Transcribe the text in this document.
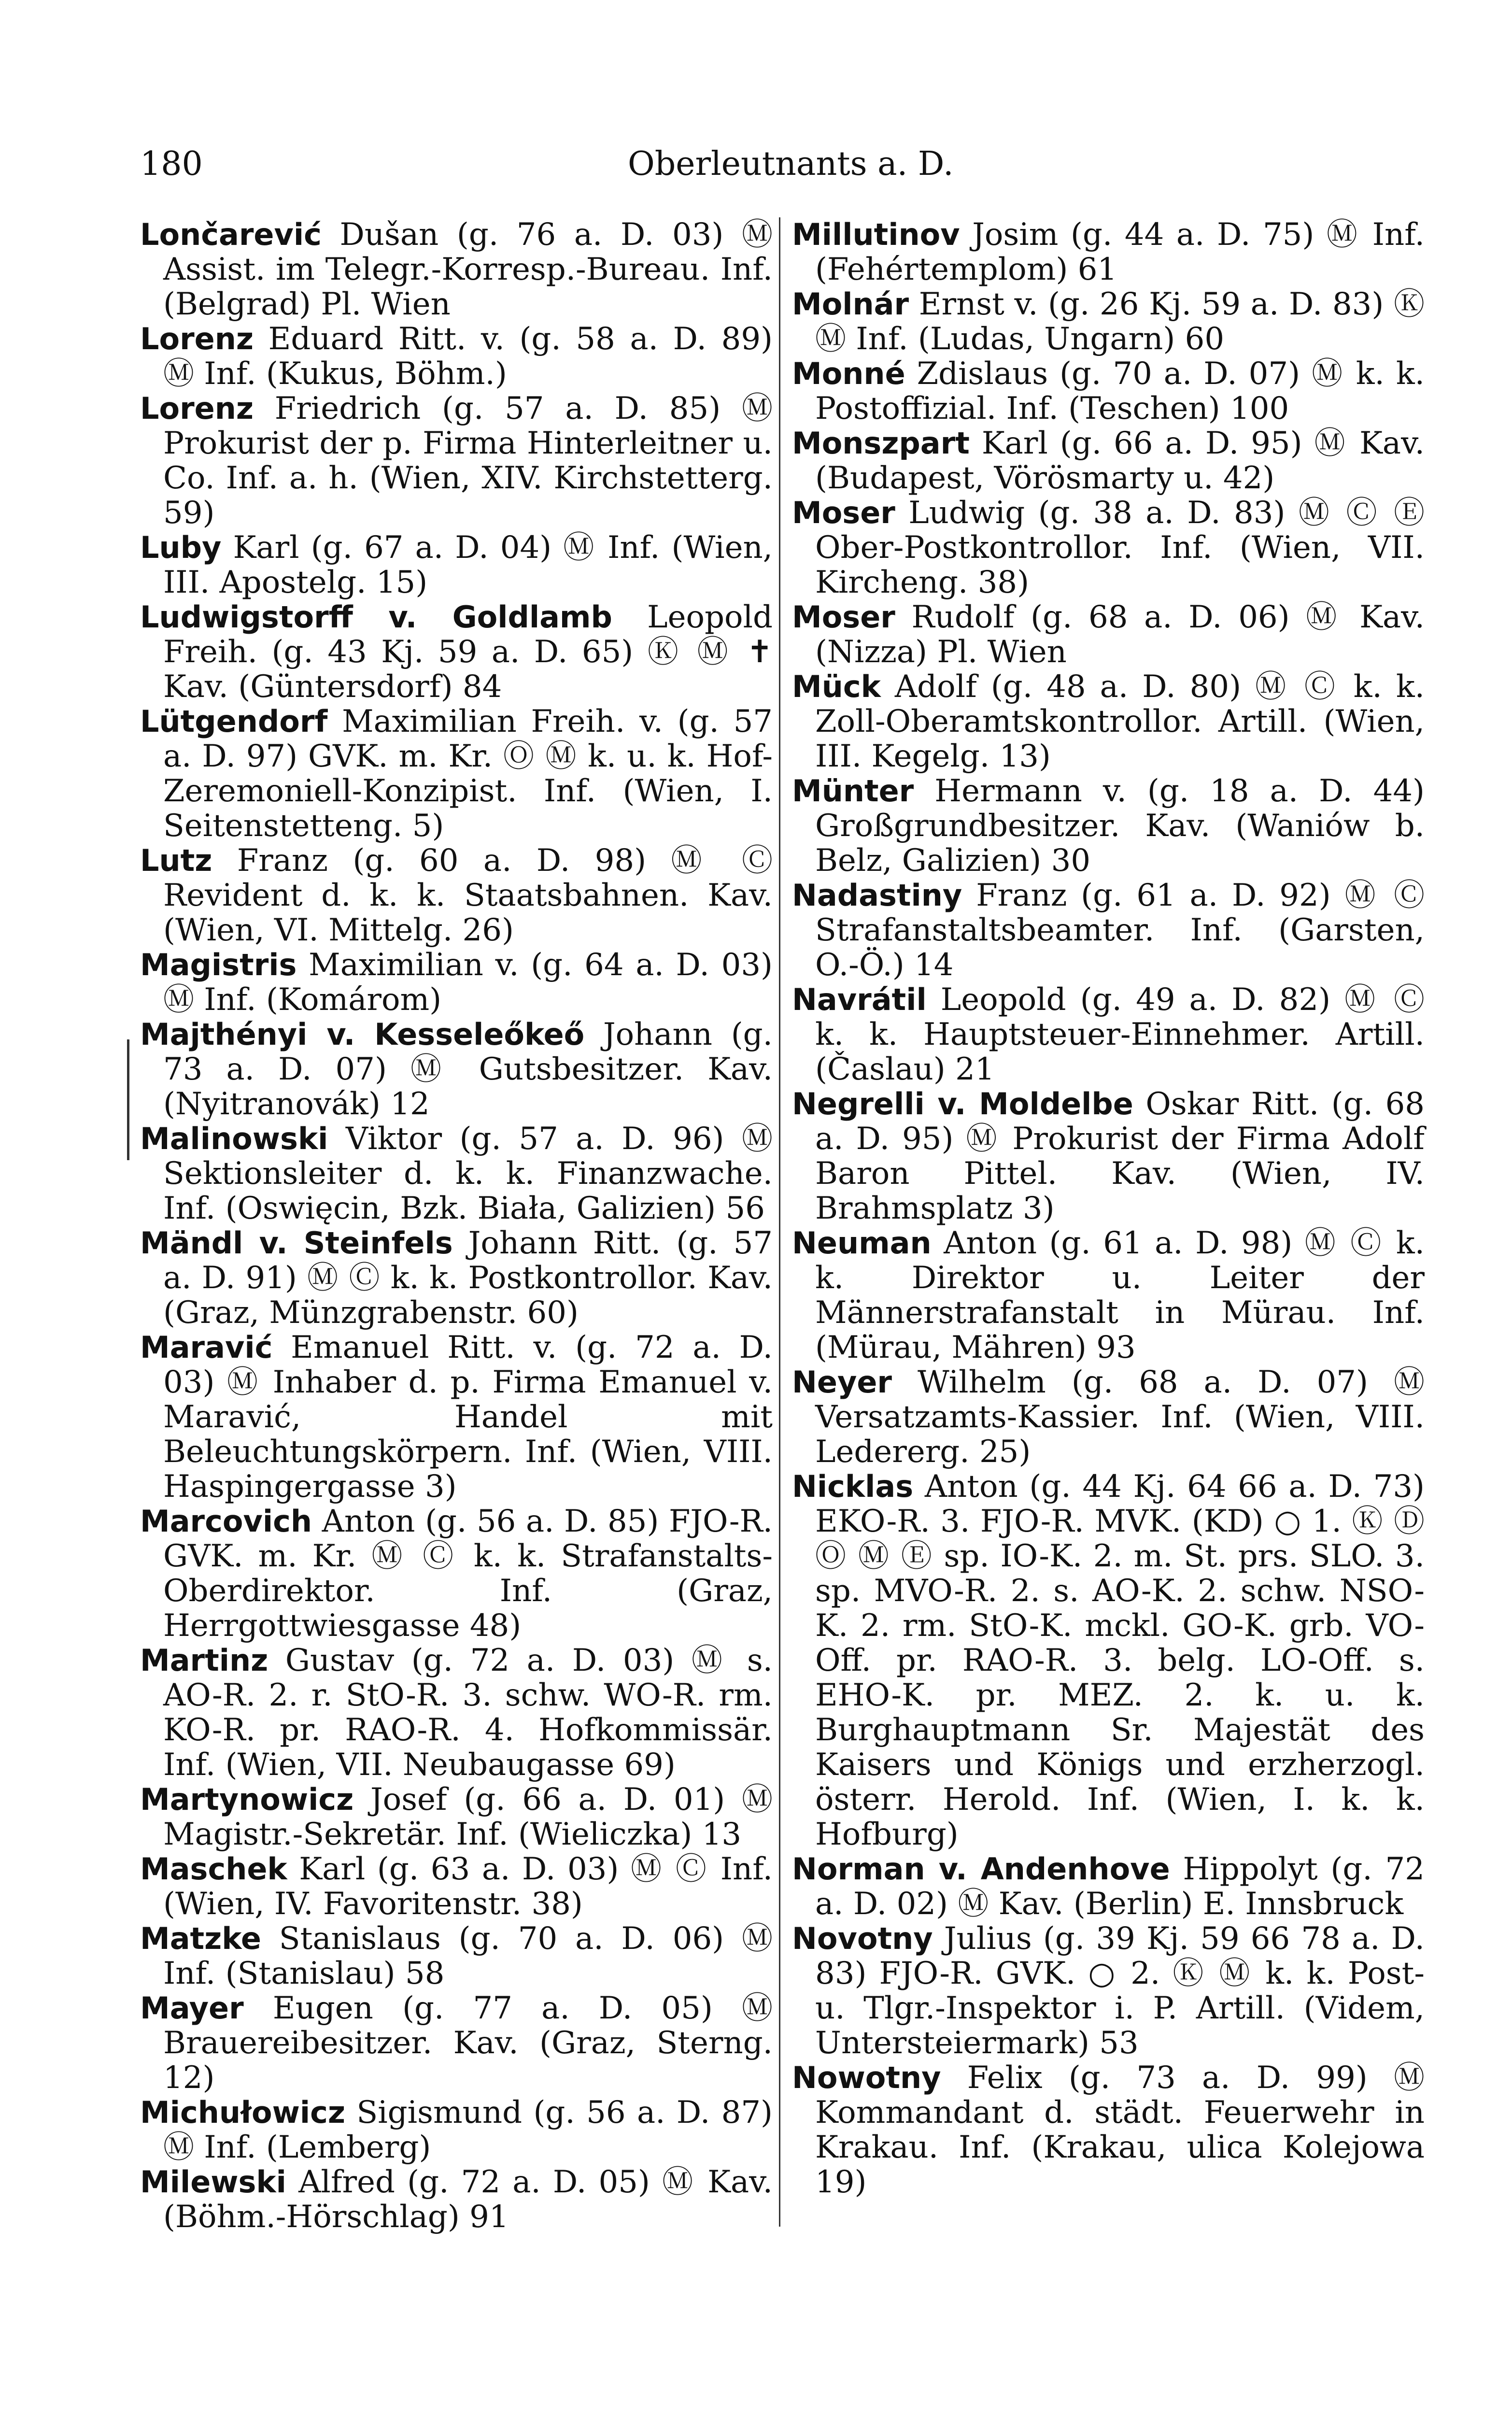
180	Oberleutnants a. D.
Lončarević Dušan (g. 76 a. D. 03) Ⓜ Assist. im Telegr.-Korresp.-Bureau. Inf. (Belgrad) Pl. Wien
Lorenz Eduard Ritt. v. (g. 58 a. D. 89) Ⓜ Inf. (Kukus, Böhm.)
Lorenz Friedrich (g. 57 a. D. 85) Ⓜ Prokurist der p. Firma Hinterleitner u. Co. Inf. a. h. (Wien, XIV. Kirchstetterg. 59)
Luby Karl (g. 67 a. D. 04) Ⓜ Inf. (Wien, III. Apostelg. 15)
Ludwigstorff v. Goldlamb Leopold Freih. (g. 43 Kj. 59 a. D. 65) Ⓚ Ⓜ ✝ Kav. (Güntersdorf) 84
Lütgendorf Maximilian Freih. v. (g. 57 a. D. 97) GVK. m. Kr. Ⓞ Ⓜ k. u. k. Hof-Zeremoniell-Konzipist. Inf. (Wien, I. Seitenstetteng. 5)
Lutz Franz (g. 60 a. D. 98) Ⓜ Ⓒ Revident d. k. k. Staatsbahnen. Kav. (Wien, VI. Mittelg. 26)
Magistris Maximilian v. (g. 64 a. D. 03) Ⓜ Inf. (Komárom)
Majthényi v. Kesseleőkeő Johann (g. 73 a. D. 07) Ⓜ Gutsbesitzer. Kav. (Nyitranovák) 12
Malinowski Viktor (g. 57 a. D. 96) Ⓜ Sektionsleiter d. k. k. Finanzwache. Inf. (Oswięcin, Bzk. Biała, Galizien) 56
Mändl v. Steinfels Johann Ritt. (g. 57 a. D. 91) Ⓜ Ⓒ k. k. Postkontrollor. Kav. (Graz, Münzgrabenstr. 60)
Maravić Emanuel Ritt. v. (g. 72 a. D. 03) Ⓜ Inhaber d. p. Firma Emanuel v. Maravić, Handel mit Beleuchtungskörpern. Inf. (Wien, VIII. Haspingergasse 3)
Marcovich Anton (g. 56 a. D. 85) FJO-R. GVK. m. Kr. Ⓜ Ⓒ k. k. Strafanstalts-Oberdirektor. Inf. (Graz, Herrgottwiesgasse 48)
Martinz Gustav (g. 72 a. D. 03) Ⓜ s. AO-R. 2. r. StO-R. 3. schw. WO-R. rm. KO-R. pr. RAO-R. 4. Hofkommissär. Inf. (Wien, VII. Neubaugasse 69)
Martynowicz Josef (g. 66 a. D. 01) Ⓜ Magistr.-Sekretär. Inf. (Wieliczka) 13
Maschek Karl (g. 63 a. D. 03) Ⓜ Ⓒ Inf. (Wien, IV. Favoritenstr. 38)
Matzke Stanislaus (g. 70 a. D. 06) Ⓜ Inf. (Stanislau) 58
Mayer Eugen (g. 77 a. D. 05) Ⓜ Brauereibesitzer. Kav. (Graz, Sterng. 12)
Michułowicz Sigismund (g. 56 a. D. 87) Ⓜ Inf. (Lemberg)
Milewski Alfred (g. 72 a. D. 05) Ⓜ Kav. (Böhm.-Hörschlag) 91
Millutinov Josim (g. 44 a. D. 75) Ⓜ Inf. (Fehértemplom) 61
Molnár Ernst v. (g. 26 Kj. 59 a. D. 83) Ⓚ Ⓜ Inf. (Ludas, Ungarn) 60
Monné Zdislaus (g. 70 a. D. 07) Ⓜ k. k. Postoffizial. Inf. (Teschen) 100
Monszpart Karl (g. 66 a. D. 95) Ⓜ Kav. (Budapest, Vörösmarty u. 42)
Moser Ludwig (g. 38 a. D. 83) Ⓜ Ⓒ Ⓔ Ober-Postkontrollor. Inf. (Wien, VII. Kircheng. 38)
Moser Rudolf (g. 68 a. D. 06) Ⓜ Kav. (Nizza) Pl. Wien
Mück Adolf (g. 48 a. D. 80) Ⓜ Ⓒ k. k. Zoll-Oberamtskontrollor. Artill. (Wien, III. Kegelg. 13)
Münter Hermann v. (g. 18 a. D. 44) Großgrundbesitzer. Kav. (Waniów b. Belz, Galizien) 30
Nadastiny Franz (g. 61 a. D. 92) Ⓜ Ⓒ Strafanstaltsbeamter. Inf. (Garsten, O.-Ö.) 14
Navrátil Leopold (g. 49 a. D. 82) Ⓜ Ⓒ k. k. Hauptsteuer-Einnehmer. Artill. (Časlau) 21
Negrelli v. Moldelbe Oskar Ritt. (g. 68 a. D. 95) Ⓜ Prokurist der Firma Adolf Baron Pittel. Kav. (Wien, IV. Brahmsplatz 3)
Neuman Anton (g. 61 a. D. 98) Ⓜ Ⓒ k. k. Direktor u. Leiter der Männerstrafanstalt in Mürau. Inf. (Mürau, Mähren) 93
Neyer Wilhelm (g. 68 a. D. 07) Ⓜ Versatzamts-Kassier. Inf. (Wien, VIII. Ledererg. 25)
Nicklas Anton (g. 44 Kj. 64 66 a. D. 73) EKO-R. 3. FJO-R. MVK. (KD) ○ 1. Ⓚ Ⓓ Ⓞ Ⓜ Ⓔ sp. IO-K. 2. m. St. prs. SLO. 3. sp. MVO-R. 2. s. AO-K. 2. schw. NSO-K. 2. rm. StO-K. mckl. GO-K. grb. VO-Off. pr. RAO-R. 3. belg. LO-Off. s. EHO-K. pr. MEZ. 2. k. u. k. Burghauptmann Sr. Majestät des Kaisers und Königs und erzherzogl. österr. Herold. Inf. (Wien, I. k. k. Hofburg)
Norman v. Andenhove Hippolyt (g. 72 a. D. 02) Ⓜ Kav. (Berlin) E. Innsbruck
Novotny Julius (g. 39 Kj. 59 66 78 a. D. 83) FJO-R. GVK. ○ 2. Ⓚ Ⓜ k. k. Post- u. Tlgr.-Inspektor i. P. Artill. (Videm, Untersteiermark) 53
Nowotny Felix (g. 73 a. D. 99) Ⓜ Kommandant d. städt. Feuerwehr in Krakau. Inf. (Krakau, ulica Kolejowa 19)
